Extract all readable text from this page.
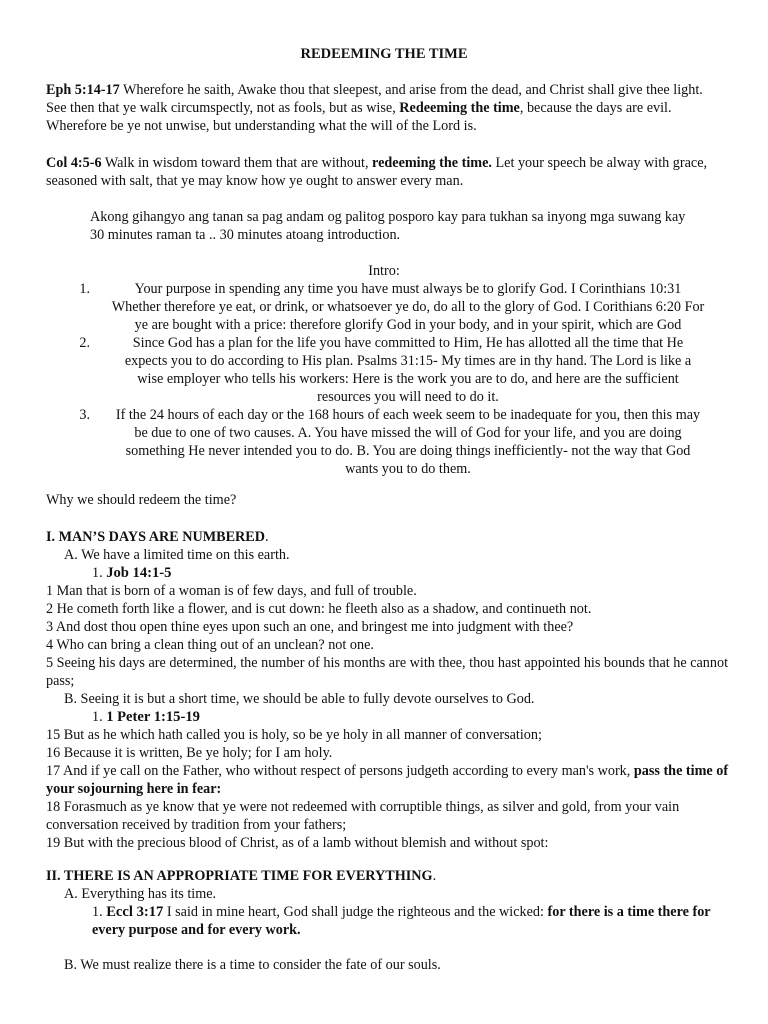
REDEEMING THE TIME
Eph 5:14-17 Wherefore he saith, Awake thou that sleepest, and arise from the dead, and Christ shall give thee light. See then that ye walk circumspectly, not as fools, but as wise, Redeeming the time, because the days are evil. Wherefore be ye not unwise, but understanding what the will of the Lord is.
Col 4:5-6 Walk in wisdom toward them that are without, redeeming the time. Let your speech be alway with grace, seasoned with salt, that ye may know how ye ought to answer every man.
Akong gihangyo ang tanan sa pag andam og palitog posporo kay para tukhan sa inyong mga suwang kay
30 minutes raman ta .. 30 minutes atoang introduction.
Intro:
1.	Your purpose in spending any time you have must always be to glorify God. I Corinthians 10:31
Whether therefore ye eat, or drink, or whatsoever ye do, do all to the glory of God. I Corithians 6:20 For
ye are bought with a price: therefore glorify God in your body, and in your spirit, which are God
2.	Since God has a plan for the life you have committed to Him, He has allotted all the time that He
expects you to do according to His plan. Psalms 31:15- My times are in thy hand. The Lord is like a
wise employer who tells his workers: Here is the work you are to do, and here are the sufficient
resources you will need to do it.
3.	If the 24 hours of each day or the 168 hours of each week seem to be inadequate for you, then this may
be due to one of two causes. A. You have missed the will of God for your life, and you are doing
something He never intended you to do. B. You are doing things inefficiently- not the way that God
wants you to do them.
Why we should redeem the time?
I. MAN’S DAYS ARE NUMBERED.
A. We have a limited time on this earth.
1. Job 14:1-5
1 Man that is born of a woman is of few days, and full of trouble.
2 He cometh forth like a flower, and is cut down: he fleeth also as a shadow, and continueth not.
3 And dost thou open thine eyes upon such an one, and bringest me into judgment with thee?
4 Who can bring a clean thing out of an unclean? not one.
5 Seeing his days are determined, the number of his months are with thee, thou hast appointed his bounds that he cannot pass;
B. Seeing it is but a short time, we should be able to fully devote ourselves to God.
1. 1 Peter 1:15-19
15 But as he which hath called you is holy, so be ye holy in all manner of conversation;
16 Because it is written, Be ye holy; for I am holy.
17 And if ye call on the Father, who without respect of persons judgeth according to every man's work, pass the time of your sojourning here in fear:
18 Forasmuch as ye know that ye were not redeemed with corruptible things, as silver and gold, from your vain conversation received by tradition from your fathers;
19 But with the precious blood of Christ, as of a lamb without blemish and without spot:
II. THERE IS AN APPROPRIATE TIME FOR EVERYTHING.
A. Everything has its time.
1. Eccl 3:17 I said in mine heart, God shall judge the righteous and the wicked: for there is a time there for every purpose and for every work.
B. We must realize there is a time to consider the fate of our souls.
